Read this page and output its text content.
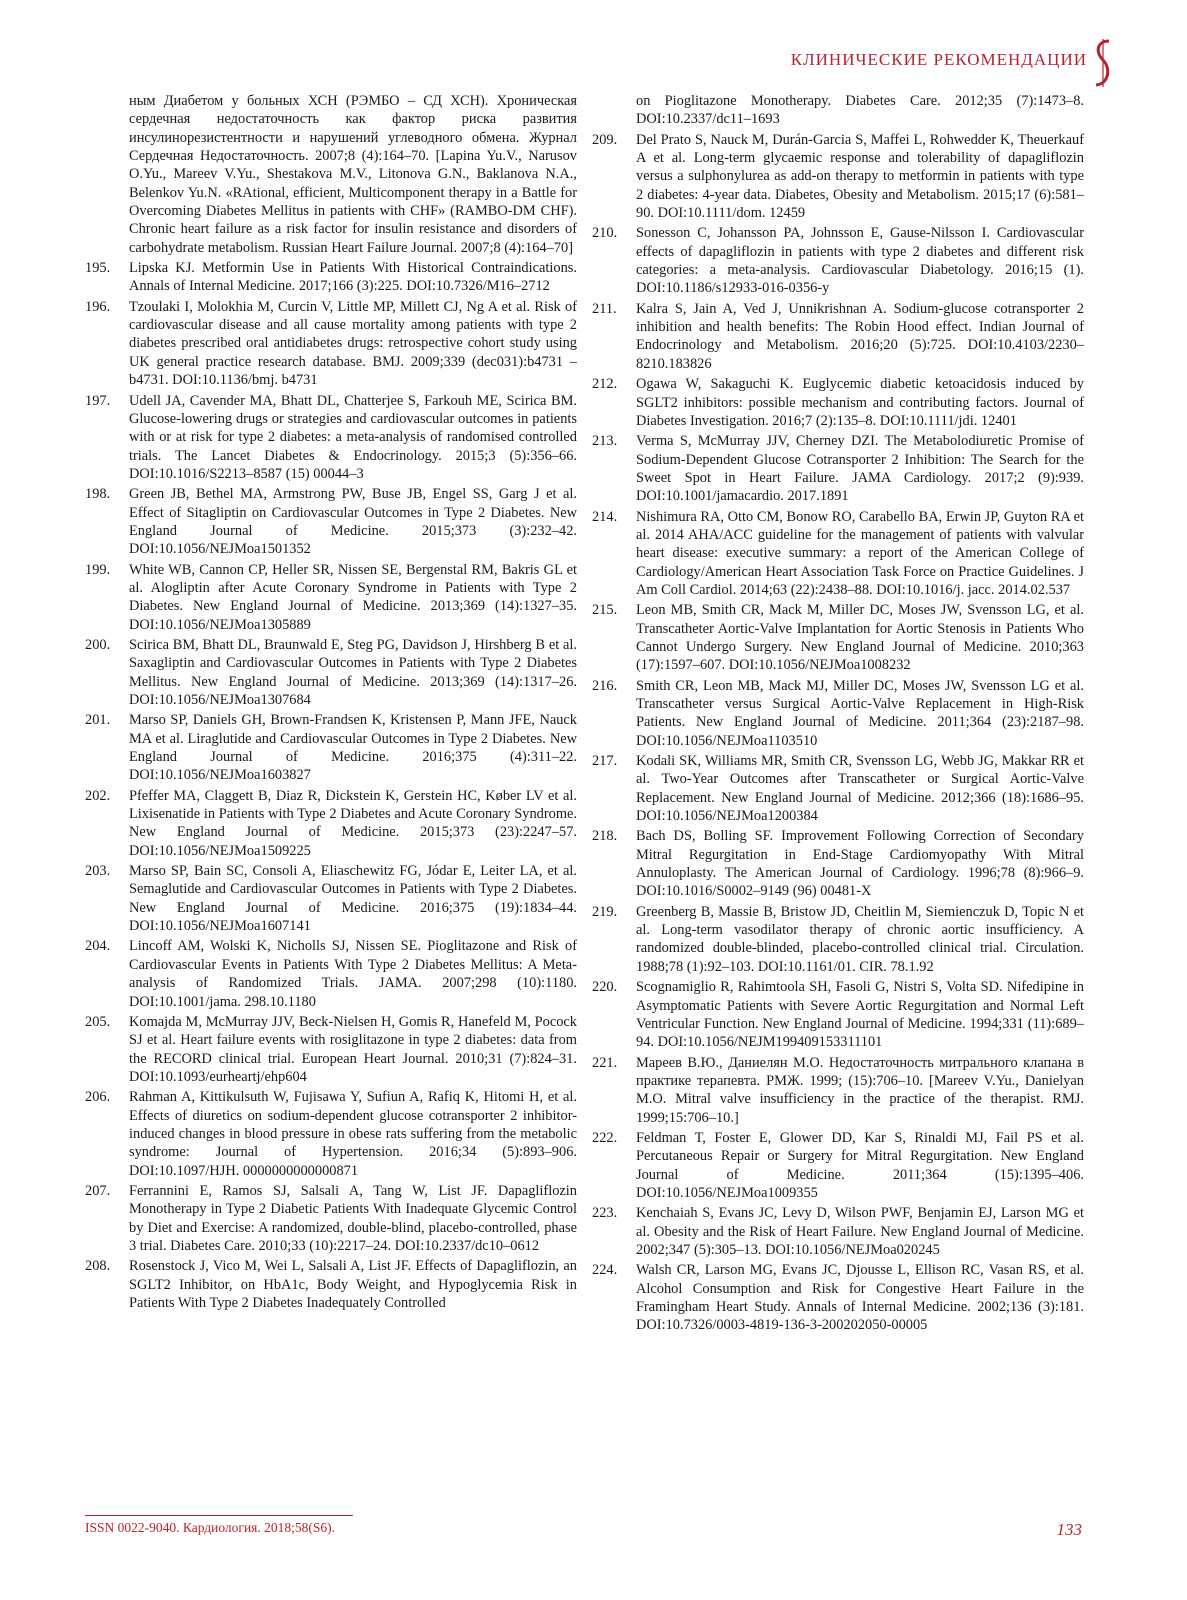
КЛИНИЧЕСКИЕ РЕКОМЕНДАЦИИ

ным Диабетом у больных ХСН (РЭМБО – СД ХСН). Хроническая сердечная недостаточность как фактор риска развития инсулинорезистентности и нарушений углеводного обмена. Журнал Сердечная Недостаточность. 2007;8 (4):164–70. [Lapina Yu.V., Narusov O.Yu., Mareev V.Yu., Shestakova M.V., Litonova G.N., Baklanova N.A., Belenkov Yu.N. «RAtional, efficient, Multicomponent therapy in a Battle for Overcoming Diabetes Mellitus in patients with CHF» (RAMBO-DM CHF). Chronic heart failure as a risk factor for insulin resistance and disorders of carbohydrate metabolism. Russian Heart Failure Journal. 2007;8 (4):164–70]

195. Lipska KJ. Metformin Use in Patients With Historical Contraindications. Annals of Internal Medicine. 2017;166 (3):225. DOI:10.7326/M16–2712

196. Tzoulaki I, Molokhia M, Curcin V, Little MP, Millett CJ, Ng A et al. Risk of cardiovascular disease and all cause mortality among patients with type 2 diabetes prescribed oral antidiabetes drugs: retrospective cohort study using UK general practice research database. BMJ. 2009;339 (dec031):b4731 – b4731. DOI:10.1136/bmj. b4731

197. Udell JA, Cavender MA, Bhatt DL, Chatterjee S, Farkouh ME, Scirica BM. Glucose-lowering drugs or strategies and cardiovascular outcomes in patients with or at risk for type 2 diabetes: a meta-analysis of randomised controlled trials. The Lancet Diabetes & Endocrinology. 2015;3 (5):356–66. DOI:10.1016/S2213–8587 (15) 00044–3

198. Green JB, Bethel MA, Armstrong PW, Buse JB, Engel SS, Garg J et al. Effect of Sitagliptin on Cardiovascular Outcomes in Type 2 Diabetes. New England Journal of Medicine. 2015;373 (3):232–42. DOI:10.1056/NEJMoa1501352

199. White WB, Cannon CP, Heller SR, Nissen SE, Bergenstal RM, Bakris GL et al. Alogliptin after Acute Coronary Syndrome in Patients with Type 2 Diabetes. New England Journal of Medicine. 2013;369 (14):1327–35. DOI:10.1056/NEJMoa1305889

200. Scirica BM, Bhatt DL, Braunwald E, Steg PG, Davidson J, Hirshberg B et al. Saxagliptin and Cardiovascular Outcomes in Patients with Type 2 Diabetes Mellitus. New England Journal of Medicine. 2013;369 (14):1317–26. DOI:10.1056/NEJMoa1307684

201. Marso SP, Daniels GH, Brown-Frandsen K, Kristensen P, Mann JFE, Nauck MA et al. Liraglutide and Cardiovascular Outcomes in Type 2 Diabetes. New England Journal of Medicine. 2016;375 (4):311–22. DOI:10.1056/NEJMoa1603827

202. Pfeffer MA, Claggett B, Diaz R, Dickstein K, Gerstein HC, Køber LV et al. Lixisenatide in Patients with Type 2 Diabetes and Acute Coronary Syndrome. New England Journal of Medicine. 2015;373 (23):2247–57. DOI:10.1056/NEJMoa1509225

203. Marso SP, Bain SC, Consoli A, Eliaschewitz FG, Jódar E, Leiter LA, et al. Semaglutide and Cardiovascular Outcomes in Patients with Type 2 Diabetes. New England Journal of Medicine. 2016;375 (19):1834–44. DOI:10.1056/NEJMoa1607141

204. Lincoff AM, Wolski K, Nicholls SJ, Nissen SE. Pioglitazone and Risk of Cardiovascular Events in Patients With Type 2 Diabetes Mellitus: A Meta-analysis of Randomized Trials. JAMA. 2007;298 (10):1180. DOI:10.1001/jama. 298.10.1180

205. Komajda M, McMurray JJV, Beck-Nielsen H, Gomis R, Hanefeld M, Pocock SJ et al. Heart failure events with rosiglitazone in type 2 diabetes: data from the RECORD clinical trial. European Heart Journal. 2010;31 (7):824–31. DOI:10.1093/eurheartj/ehp604

206. Rahman A, Kittikulsuth W, Fujisawa Y, Sufiun A, Rafiq K, Hitomi H, et al. Effects of diuretics on sodium-dependent glucose cotransporter 2 inhibitor-induced changes in blood pressure in obese rats suffering from the metabolic syndrome: Journal of Hypertension. 2016;34 (5):893–906. DOI:10.1097/HJH. 0000000000000871

207. Ferrannini E, Ramos SJ, Salsali A, Tang W, List JF. Dapagliflozin Monotherapy in Type 2 Diabetic Patients With Inadequate Glycemic Control by Diet and Exercise: A randomized, double-blind, placebo-controlled, phase 3 trial. Diabetes Care. 2010;33 (10):2217–24. DOI:10.2337/dc10–0612

208. Rosenstock J, Vico M, Wei L, Salsali A, List JF. Effects of Dapagliflozin, an SGLT2 Inhibitor, on HbA1c, Body Weight, and Hypoglycemia Risk in Patients With Type 2 Diabetes Inadequately Controlled

on Pioglitazone Monotherapy. Diabetes Care. 2012;35 (7):1473–8. DOI:10.2337/dc11–1693

209. Del Prato S, Nauck M, Durán-Garcia S, Maffei L, Rohwedder K, Theuerkauf A et al. Long-term glycaemic response and tolerability of dapagliflozin versus a sulphonylurea as add-on therapy to metformin in patients with type 2 diabetes: 4-year data. Diabetes, Obesity and Metabolism. 2015;17 (6):581–90. DOI:10.1111/dom. 12459

210. Sonesson C, Johansson PA, Johnsson E, Gause-Nilsson I. Cardiovascular effects of dapagliflozin in patients with type 2 diabetes and different risk categories: a meta-analysis. Cardiovascular Diabetology. 2016;15 (1). DOI:10.1186/s12933-016-0356-y

211. Kalra S, Jain A, Ved J, Unnikrishnan A. Sodium-glucose cotransporter 2 inhibition and health benefits: The Robin Hood effect. Indian Journal of Endocrinology and Metabolism. 2016;20 (5):725. DOI:10.4103/2230–8210.183826

212. Ogawa W, Sakaguchi K. Euglycemic diabetic ketoacidosis induced by SGLT2 inhibitors: possible mechanism and contributing factors. Journal of Diabetes Investigation. 2016;7 (2):135–8. DOI:10.1111/jdi. 12401

213. Verma S, McMurray JJV, Cherney DZI. The Metabolodiuretic Promise of Sodium-Dependent Glucose Cotransporter 2 Inhibition: The Search for the Sweet Spot in Heart Failure. JAMA Cardiology. 2017;2 (9):939. DOI:10.1001/jamacardio. 2017.1891

214. Nishimura RA, Otto CM, Bonow RO, Carabello BA, Erwin JP, Guyton RA et al. 2014 AHA/ACC guideline for the management of patients with valvular heart disease: executive summary: a report of the American College of Cardiology/American Heart Association Task Force on Practice Guidelines. J Am Coll Cardiol. 2014;63 (22):2438–88. DOI:10.1016/j. jacc. 2014.02.537

215. Leon MB, Smith CR, Mack M, Miller DC, Moses JW, Svensson LG, et al. Transcatheter Aortic-Valve Implantation for Aortic Stenosis in Patients Who Cannot Undergo Surgery. New England Journal of Medicine. 2010;363 (17):1597–607. DOI:10.1056/NEJMoa1008232

216. Smith CR, Leon MB, Mack MJ, Miller DC, Moses JW, Svensson LG et al. Transcatheter versus Surgical Aortic-Valve Replacement in High-Risk Patients. New England Journal of Medicine. 2011;364 (23):2187–98. DOI:10.1056/NEJMoa1103510

217. Kodali SK, Williams MR, Smith CR, Svensson LG, Webb JG, Makkar RR et al. Two-Year Outcomes after Transcatheter or Surgical Aortic-Valve Replacement. New England Journal of Medicine. 2012;366 (18):1686–95. DOI:10.1056/NEJMoa1200384

218. Bach DS, Bolling SF. Improvement Following Correction of Secondary Mitral Regurgitation in End-Stage Cardiomyopathy With Mitral Annuloplasty. The American Journal of Cardiology. 1996;78 (8):966–9. DOI:10.1016/S0002–9149 (96) 00481-X

219. Greenberg B, Massie B, Bristow JD, Cheitlin M, Siemienczuk D, Topic N et al. Long-term vasodilator therapy of chronic aortic insufficiency. A randomized double-blinded, placebo-controlled clinical trial. Circulation. 1988;78 (1):92–103. DOI:10.1161/01. CIR. 78.1.92

220. Scognamiglio R, Rahimtoola SH, Fasoli G, Nistri S, Volta SD. Nifedipine in Asymptomatic Patients with Severe Aortic Regurgitation and Normal Left Ventricular Function. New England Journal of Medicine. 1994;331 (11):689–94. DOI:10.1056/NEJM199409153311101

221. Мареев В.Ю., Даниелян М.О. Недостаточность митрального клапана в практике терапевта. РМЖ. 1999; (15):706–10. [Mareev V.Yu., Danielyan M.O. Mitral valve insufficiency in the practice of the therapist. RMJ. 1999;15:706–10.]

222. Feldman T, Foster E, Glower DD, Kar S, Rinaldi MJ, Fail PS et al. Percutaneous Repair or Surgery for Mitral Regurgitation. New England Journal of Medicine. 2011;364 (15):1395–406. DOI:10.1056/NEJMoa1009355

223. Kenchaiah S, Evans JC, Levy D, Wilson PWF, Benjamin EJ, Larson MG et al. Obesity and the Risk of Heart Failure. New England Journal of Medicine. 2002;347 (5):305–13. DOI:10.1056/NEJMoa020245

224. Walsh CR, Larson MG, Evans JC, Djousse L, Ellison RC, Vasan RS, et al. Alcohol Consumption and Risk for Congestive Heart Failure in the Framingham Heart Study. Annals of Internal Medicine. 2002;136 (3):181. DOI:10.7326/0003-4819-136-3-200202050-00005

ISSN 0022-9040. Кардиология. 2018;58(S6).	133
